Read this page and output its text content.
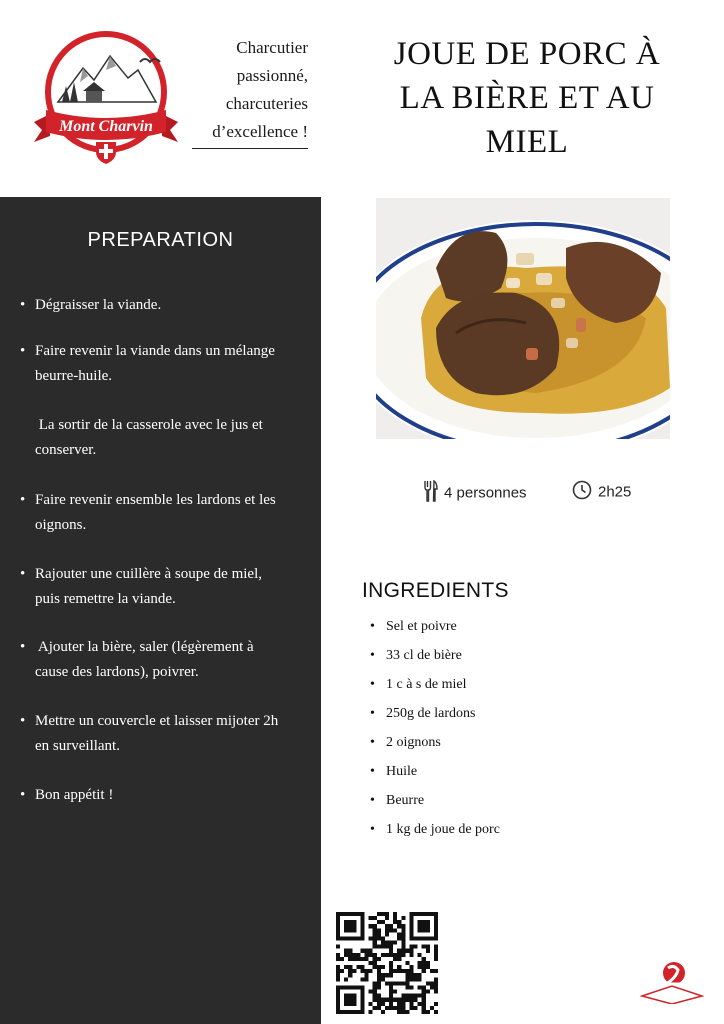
Mont Charvin
Charcutier
passionné,
charcuteries
d’excellence !
JOUE DE PORC À
LA BIÈRE ET AU
MIEL
PREPARATION
• Dégraisser la viande.
• Faire revenir la viande dans un mélange
beurre-huile.
La sortir de la casserole avec le jus et
conserver.
• Faire revenir ensemble les lardons et les
oignons.
• Rajouter une cuillère à soupe de miel,
puis remettre la viande.
• Ajouter la bière, saler (légèrement à
cause des lardons), poivrer.
• Mettre un couvercle et laisser mijoter 2h
en surveillant.
• Bon appétit !
4 personnes	2h25
INGREDIENTS
• Sel et poivre
• 33 cl de bière
• 1 c à s de miel
• 250g de lardons
• 2 oignons
• Huile
• Beurre
• 1 kg de joue de porc
